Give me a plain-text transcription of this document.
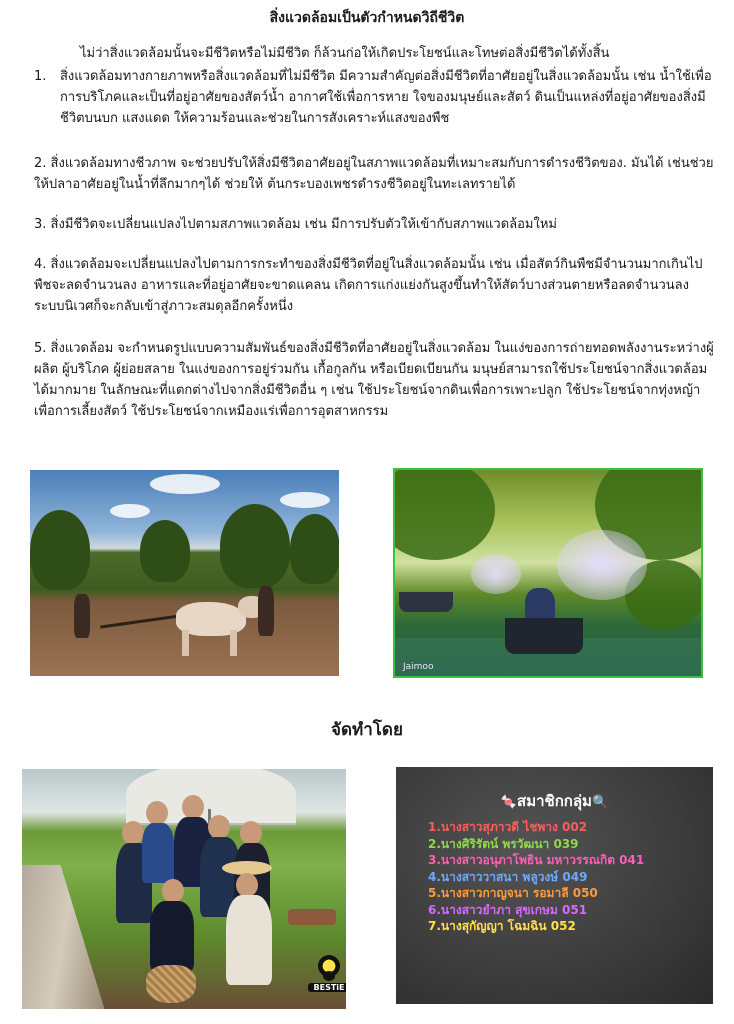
สิ่งแวดล้อมเป็นตัวกำหนดวิถีชีวิต

ไม่ว่าสิ่งแวดล้อมนั้นจะมีชีวิตหรือไม่มีชีวิต ก็ล้วนก่อให้เกิดประโยชน์และโทษต่อสิ่งมีชีวิตได้ทั้งสิ้น

1. สิ่งแวดล้อมทางกายภาพหรือสิ่งแวดล้อมที่ไม่มีชีวิต มีความสำคัญต่อสิ่งมีชีวิตที่อาศัยอยู่ในสิ่งแวดล้อมนั้น เช่น น้ำใช้เพื่อการบริโภคและเป็นที่อยู่อาศัยของสัตว์น้ำ อากาศใช้เพื่อการหาย ใจของมนุษย์และสัตว์ ดินเป็นแหล่งที่อยู่อาศัยของสิ่งมีชีวิตบนบก แสงแดด ให้ความร้อนและช่วยในการสังเคราะห์แสงของพืช

2. สิ่งแวดล้อมทางชีวภาพ จะช่วยปรับให้สิ่งมีชีวิตอาศัยอยู่ในสภาพแวดล้อมที่เหมาะสมกับการดำรงชีวิตของ. มันได้ เช่นช่วยให้ปลาอาศัยอยู่ในน้ำที่ลึกมากๆได้ ช่วยให้ ต้นกระบองเพชรดำรงชีวิตอยู่ในทะเลทรายได้

3. สิ่งมีชีวิตจะเปลี่ยนแปลงไปตามสภาพแวดล้อม เช่น มีการปรับตัวให้เข้ากับสภาพแวดล้อมใหม่

4. สิ่งแวดล้อมจะเปลี่ยนแปลงไปตามการกระทำของสิ่งมีชีวิตที่อยู่ในสิ่งแวดล้อมนั้น เช่น เมื่อสัตว์กินพืชมีจำนวนมากเกินไปพืชจะลดจำนวนลง อาหารและที่อยู่อาศัยจะขาดแคลน เกิดการแก่งแย่งกันสูงขึ้นทำให้สัตว์บางส่วนตายหรือลดจำนวนลงระบบนิเวศก็จะกลับเข้าสู่ภาวะสมดุลอีกครั้งหนึ่ง

5. สิ่งแวดล้อม จะกำหนดรูปแบบความสัมพันธ์ของสิ่งมีชีวิตที่อาศัยอยู่ในสิ่งแวดล้อม ในแง่ของการถ่ายทอดพลังงานระหว่างผู้ผลิต ผู้บริโภค ผู้ย่อยสลาย ในแง่ของการอยู่ร่วมกัน เกื้อกูลกัน หรือเบียดเบียนกัน มนุษย์สามารถใช้ประโยชน์จากสิ่งแวดล้อมได้มากมาย ในลักษณะที่แตกต่างไปจากสิ่งมีชีวิตอื่น ๆ เช่น ใช้ประโยชน์จากดินเพื่อการเพาะปลูก ใช้ประโยชน์จากทุ่งหญ้าเพื่อการเลี้ยงสัตว์ ใช้ประโยชน์จากเหมืองแร่เพื่อการอุตสาหกรรม

Jaimoo
จัดทำโดย
BESTiE

🍬สมาชิกกลุ่ม🔍

1.นางสาวสุภาวดี ไชพาง 002
2.นางศิริรัตน์ พรวัฒนา 039
3.นางสาวอนุภาโพธิน มหาวรรณกิต 041
4.นางสาววาสนา พลูวงษ์ 049
5.นางสาวกาญจนา รอมาลี 050
6.นางสาวยำภา สุขเกษม 051
7.นางสุกัญญา โฉมฉิน 052
